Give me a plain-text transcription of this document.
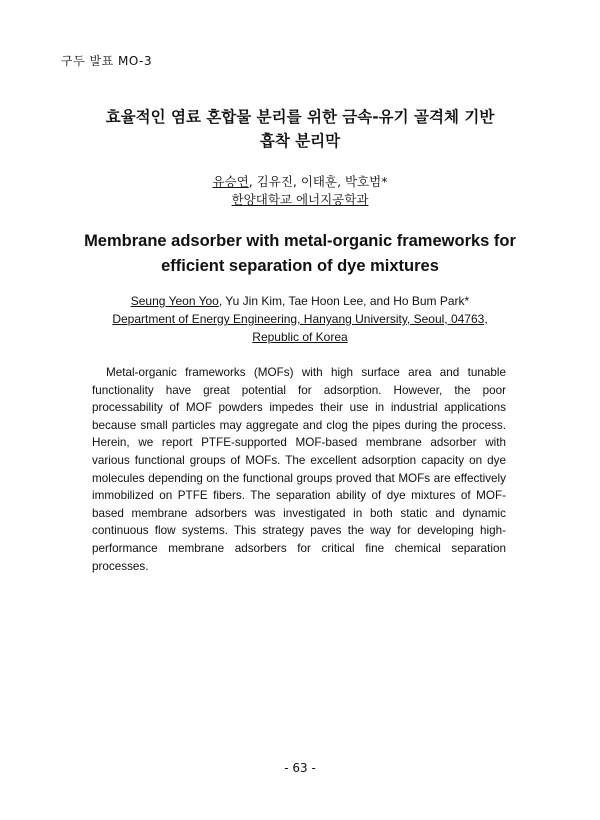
구두 발표 MO-3
효율적인 염료 혼합물 분리를 위한 금속-유기 골격체 기반
흡착 분리막
유승연, 김유진, 이태훈, 박호범*
한양대학교 에너지공학과
Membrane adsorber with metal-organic frameworks for
efficient separation of dye mixtures
Seung Yeon Yoo, Yu Jin Kim, Tae Hoon Lee, and Ho Bum Park*
Department of Energy Engineering, Hanyang University, Seoul, 04763,
Republic of Korea
Metal-organic frameworks (MOFs) with high surface area and tunable functionality have great potential for adsorption. However, the poor processability of MOF powders impedes their use in industrial applications because small particles may aggregate and clog the pipes during the process. Herein, we report PTFE-supported MOF-based membrane adsorber with various functional groups of MOFs. The excellent adsorption capacity on dye molecules depending on the functional groups proved that MOFs are effectively immobilized on PTFE fibers. The separation ability of dye mixtures of MOF-based membrane adsorbers was investigated in both static and dynamic continuous flow systems. This strategy paves the way for developing high-performance membrane adsorbers for critical fine chemical separation processes.
- 63 -
